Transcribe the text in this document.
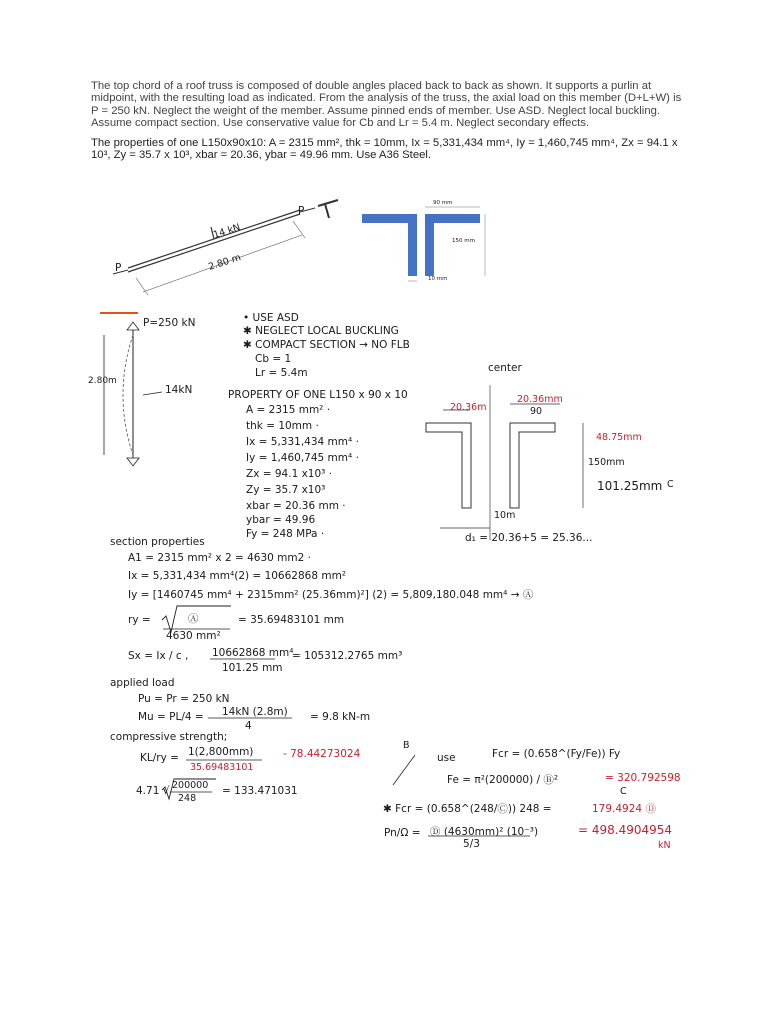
The top chord of a roof truss is composed of double angles placed back to back as shown. It supports a purlin at midpoint, with the resulting load as indicated. From the analysis of the truss, the axial load on this member (D+L+W) is P = 250 kN. Neglect the weight of the member. Assume pinned ends of member. Use ASD. Neglect local buckling. Assume compact section. Use conservative value for Cb and Lr = 5.4 m. Neglect secondary effects.

The properties of one L150x90x10: A = 2315 mm², thk = 10mm, Ix = 5,331,434 mm⁴, Iy = 1,460,745 mm⁴, Zx = 94.1 x 10³, Zy = 35.7 x 10³, xbar = 20.36, ybar = 49.96 mm. Use A36 Steel.

14 kN
2.80 m
P
P
90 mm
150 mm
10 mm
P=250 kN
2.80m
14kN
• USE ASD
✱ NEGLECT LOCAL BUCKLING
✱ COMPACT SECTION → NO FLB
Cb = 1
Lr = 5.4m
PROPERTY OF ONE L150 x 90 x 10
A = 2315 mm² ·
thk = 10mm ·
Ix = 5,331,434 mm⁴ ·
Iy = 1,460,745 mm⁴ ·
Zx = 94.1 x10³ ·
Zy = 35.7 x10³
xbar = 20.36 mm ·
ybar = 49.96
Fy = 248 MPa ·
center
20.36m
20.36mm
90
48.75mm
150mm
101.25mm C
10m
d₁ = 20.36+5 = 25.36...
section properties
A1 = 2315 mm² x 2 = 4630 mm2 ·
Ix = 5,331,434 mm⁴(2) = 10662868 mm²
Iy = [1460745 mm⁴ + 2315mm² (25.36mm)²] (2) = 5,809,180.048 mm⁴ → Ⓐ
ry =	Ⓐ
4630 mm²
= 35.69483101 mm
Sx = Ix / c , 10662868 mm⁴
101.25 mm
= 105312.2765 mm³
applied load
Pu = Pr = 250 kN
Mu = PL/4 = 14kN (2.8m)
4
= 9.8 kN-m
compressive strength;
KL/ry = 1(2,800mm)
35.69483101
- 78.44273024
B
4.71 √ 200000
248
= 133.471031
use	Fcr = (0.658^(Fy/Fe)) Fy
Fe = π²(200000) / Ⓑ²	= 320.792598
C
✱ Fcr = (0.658^(248/Ⓒ)) 248 =	179.4924 Ⓓ
Pn/Ω = Ⓓ (4630mm)² (10⁻³)
5/3
= 498.4904954
kN
